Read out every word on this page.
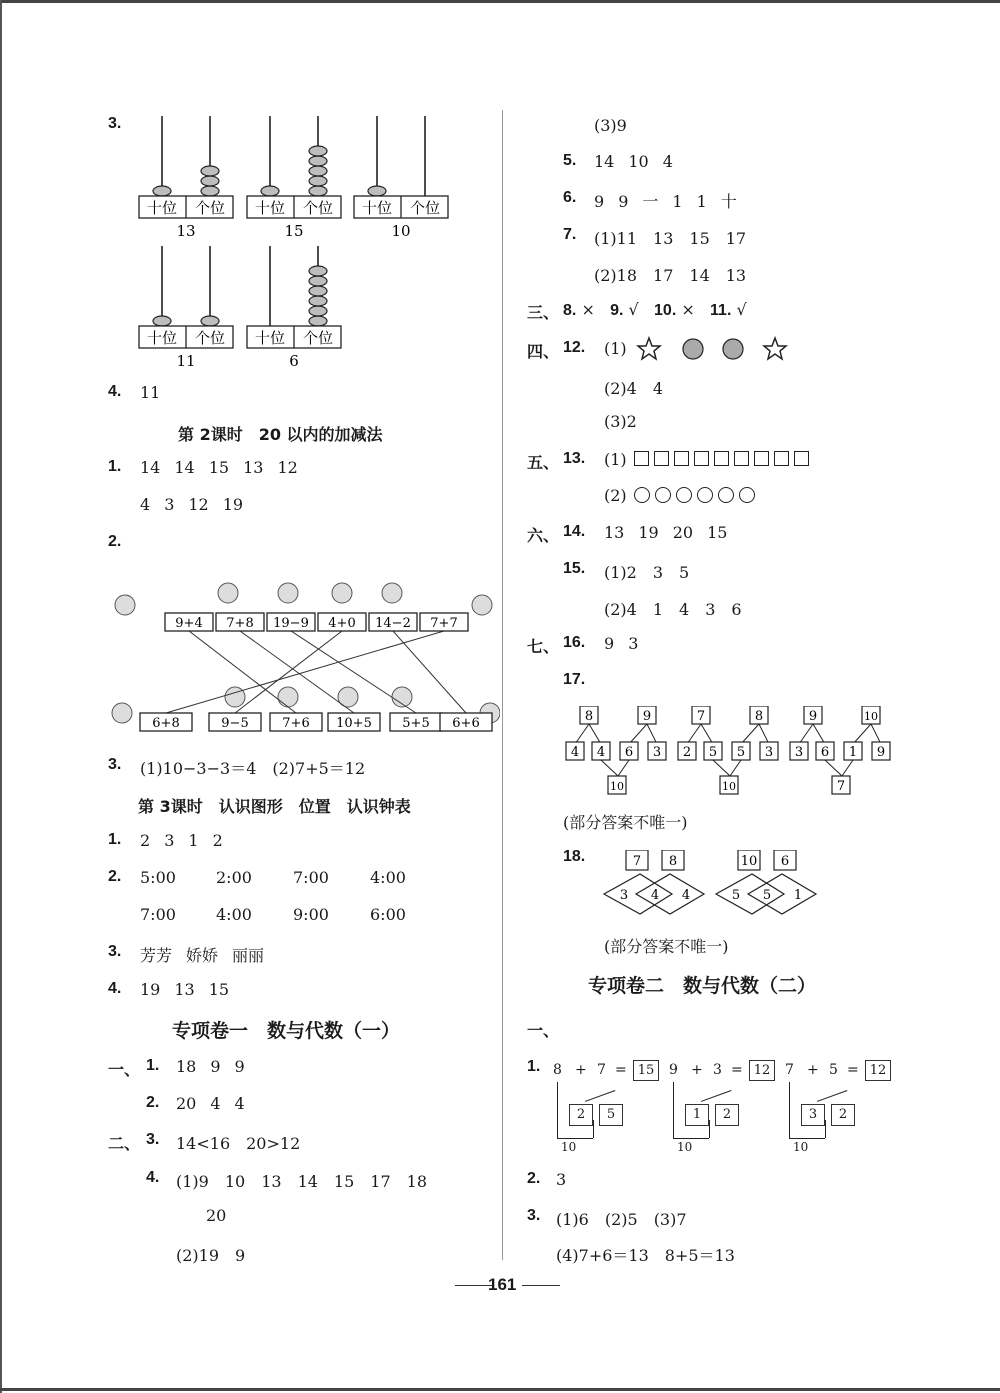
3.
十位 个位
13
十位 个位
15
十位 个位
10
十位 个位
11
十位 个位
6
4. 11
第 2课时　20 以内的加减法
1. 14 14 15 13 12
4 3 12 19
2.
9+4 7+8 19−9 4+0 14−2 7+7
6+8	9−5	7+6 10+5 5+5 6+6
3. (1)10−3−3＝4　(2)7+5＝12
第 3课时　认识图形　位置　认识钟表
1. 2 3 1 2
2. 5:00	2:00	7:00	4:00
7:00	4:00	9:00	6:00
3. 芳芳 娇娇 丽丽
4. 19 13 15
专项卷一　数与代数（一）
一、 1. 18 9 9
2. 20 4 4
二、 3. 14<16　20>12
4. (1)9　10　13　14　15　17　18
20
(2)19　9
(3)9
5. 14 10 4
6. 9 9 一 1 1 十
7. (1)11　13　15　17
(2)18　17　14　13
三、 8. × 9. √ 10. × 11. √
四、 12. (1)
(2)4　4
(3)2
五、 13. (1)
(2)
六、 14. 13 19 20 15
15. (1)2　3　5
(2)4　1　4　3　6
七、 16. 9 3
17.
8	9
4 4 6 3
10
7	8
2 5 5 3
10
9	10
3 6 1 9
7
(部分答案不唯一)
18.	7 8
3 4 4
10 6
5 5 1
(部分答案不唯一)
专项卷二　数与代数（二）
一、
1. 8 + 7 = 15
2	5
10
9 + 3 = 12
1	2
10
7 + 5 = 12
3	2
10
2. 3
3. (1)6　(2)5　(3)7
(4)7+6＝13　8+5＝13
161
